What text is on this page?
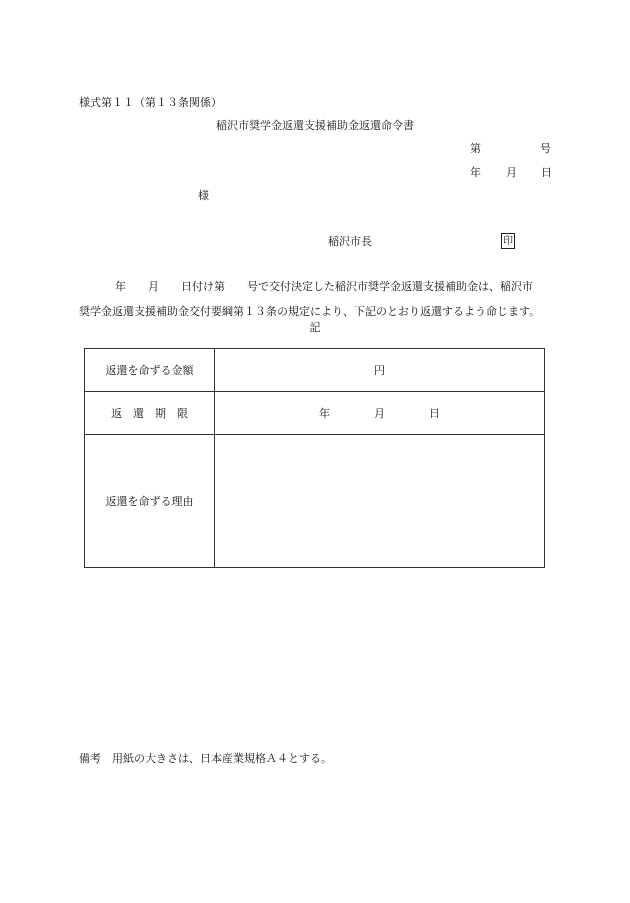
様式第１１（第１３条関係）
稲沢市奨学金返還支援補助金返還命令書
第	号
年 月 日
様
稲沢市長	印
年 月 日付け第 号で交付決定した稲沢市奨学金返還支援補助金は、稲沢市
奨学金返還支援補助金交付要綱第１３条の規定により、下記のとおり返還するよう命じます。
記
返還を命ずる金額	円
返　還　期　限	年 月 日
返還を命ずる理由	
備考　用紙の大きさは、日本産業規格Ａ４とする。
